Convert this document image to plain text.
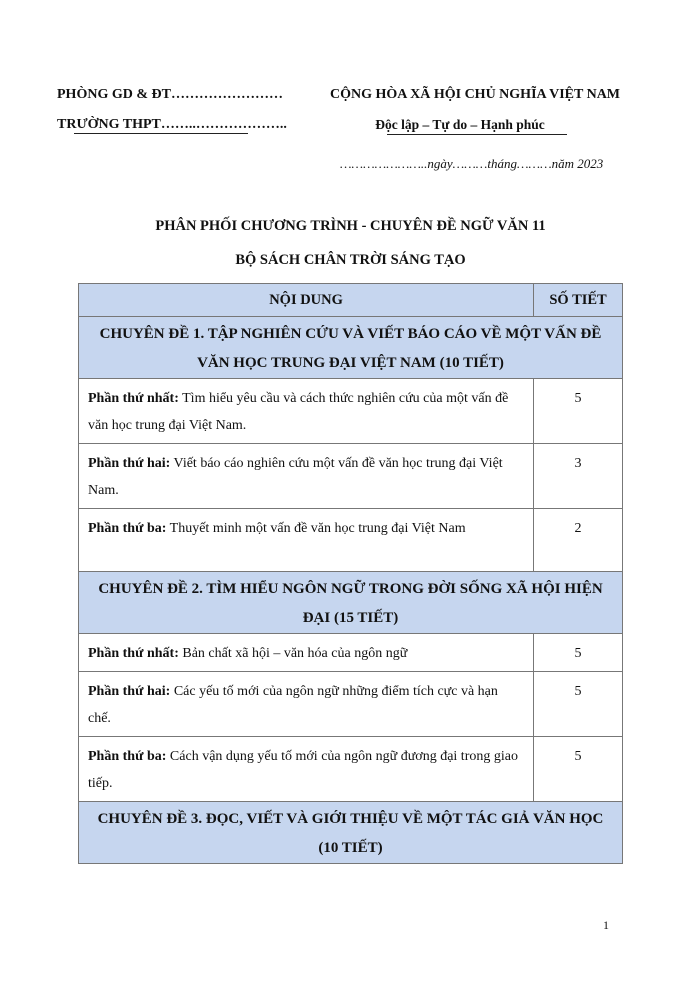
PHÒNG GD & ĐT……………………
TRƯỜNG THPT……..………………..
CỘNG HÒA XÃ HỘI CHỦ NGHĨA VIỆT NAM
Độc lập – Tự do – Hạnh phúc
…………………..ngày………tháng………năm 2023
PHÂN PHỐI CHƯƠNG TRÌNH - CHUYÊN ĐỀ NGỮ VĂN 11
BỘ SÁCH CHÂN TRỜI SÁNG TẠO
NỘI DUNG	SỐ TIẾT
CHUYÊN ĐỀ 1. TẬP NGHIÊN CỨU VÀ VIẾT BÁO CÁO VỀ MỘT VẤN ĐỀ VĂN HỌC TRUNG ĐẠI VIỆT NAM (10 TIẾT)	
Phần thứ nhất: Tìm hiểu yêu cầu và cách thức nghiên cứu của một vấn đề văn học trung đại Việt Nam.	5
Phần thứ hai: Viết báo cáo nghiên cứu một vấn đề văn học trung đại Việt Nam.	3
Phần thứ ba: Thuyết minh một vấn đề văn học trung đại Việt Nam	2
CHUYÊN ĐỀ 2. TÌM HIỂU NGÔN NGỮ TRONG ĐỜI SỐNG XÃ HỘI HIỆN ĐẠI (15 TIẾT)	
Phần thứ nhất: Bản chất xã hội – văn hóa của ngôn ngữ	5
Phần thứ hai: Các yếu tố mới của ngôn ngữ những điểm tích cực và hạn chế.	5
Phần thứ ba: Cách vận dụng yếu tố mới của ngôn ngữ đương đại trong giao tiếp.	5
CHUYÊN ĐỀ 3. ĐỌC, VIẾT VÀ GIỚI THIỆU VỀ MỘT TÁC GIẢ VĂN HỌC (10 TIẾT)	
1
